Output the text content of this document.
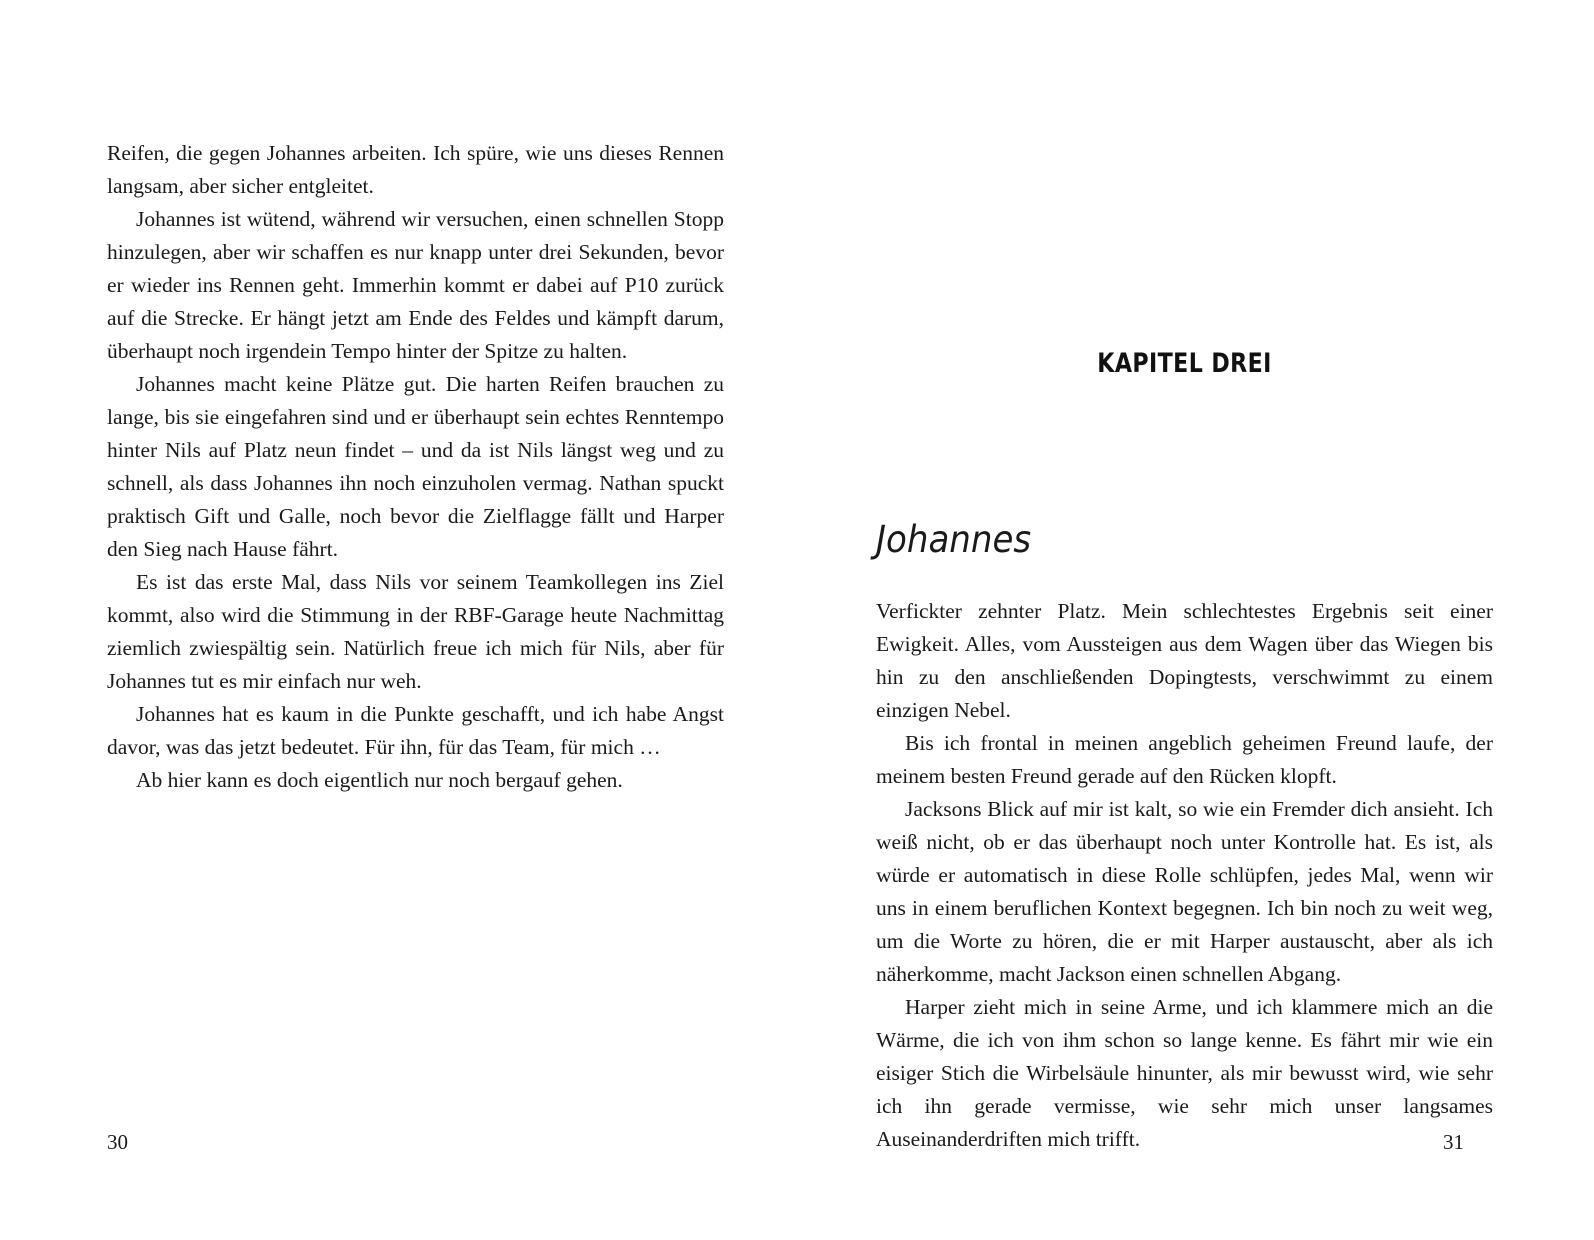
Reifen, die gegen Johannes arbeiten. Ich spüre, wie uns dieses Rennen langsam, aber sicher entgleitet.

Johannes ist wütend, während wir versuchen, einen schnellen Stopp hinzulegen, aber wir schaffen es nur knapp unter drei Sekunden, bevor er wieder ins Rennen geht. Immerhin kommt er dabei auf P10 zurück auf die Strecke. Er hängt jetzt am Ende des Feldes und kämpft darum, überhaupt noch irgendein Tempo hinter der Spitze zu halten.

Johannes macht keine Plätze gut. Die harten Reifen brauchen zu lange, bis sie eingefahren sind und er überhaupt sein echtes Renntempo hinter Nils auf Platz neun findet – und da ist Nils längst weg und zu schnell, als dass Johannes ihn noch einzuholen vermag. Nathan spuckt praktisch Gift und Galle, noch bevor die Zielflagge fällt und Harper den Sieg nach Hause fährt.

Es ist das erste Mal, dass Nils vor seinem Teamkollegen ins Ziel kommt, also wird die Stimmung in der RBF-Garage heute Nachmittag ziemlich zwiespältig sein. Natürlich freue ich mich für Nils, aber für Johannes tut es mir einfach nur weh.

Johannes hat es kaum in die Punkte geschafft, und ich habe Angst davor, was das jetzt bedeutet. Für ihn, für das Team, für mich …

Ab hier kann es doch eigentlich nur noch bergauf gehen.

30
KAPITEL DREI
Johannes

Verfickter zehnter Platz. Mein schlechtestes Ergebnis seit einer Ewigkeit. Alles, vom Aussteigen aus dem Wagen über das Wiegen bis hin zu den anschließenden Dopingtests, verschwimmt zu einem einzigen Nebel.

Bis ich frontal in meinen angeblich geheimen Freund laufe, der meinem besten Freund gerade auf den Rücken klopft.

Jacksons Blick auf mir ist kalt, so wie ein Fremder dich ansieht. Ich weiß nicht, ob er das überhaupt noch unter Kontrolle hat. Es ist, als würde er automatisch in diese Rolle schlüpfen, jedes Mal, wenn wir uns in einem beruflichen Kontext begegnen. Ich bin noch zu weit weg, um die Worte zu hören, die er mit Harper austauscht, aber als ich näherkomme, macht Jackson einen schnellen Abgang.

Harper zieht mich in seine Arme, und ich klammere mich an die Wärme, die ich von ihm schon so lange kenne. Es fährt mir wie ein eisiger Stich die Wirbelsäule hinunter, als mir bewusst wird, wie sehr ich ihn gerade vermisse, wie sehr mich unser langsames Auseinanderdriften mich trifft.	31
